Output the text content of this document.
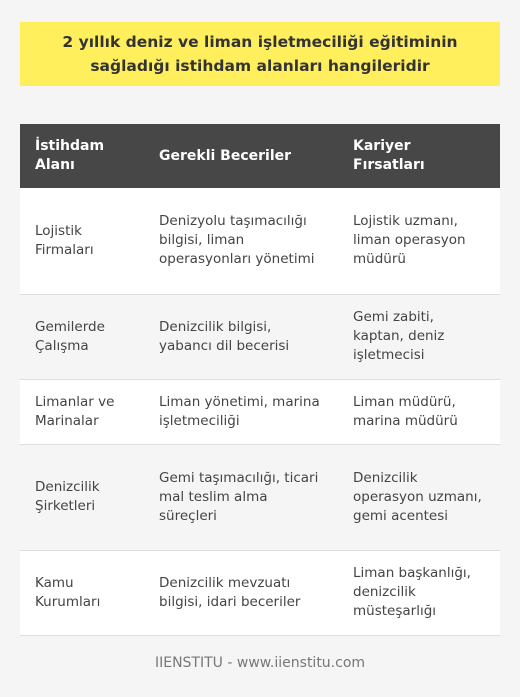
2 yıllık deniz ve liman işletmeciliği eğitiminin sağladığı istihdam alanları hangileridir
İstihdam Alanı	Gerekli Beceriler	Kariyer Fırsatları
Lojistik Firmaları	Denizyolu taşımacılığı bilgisi, liman operasyonları yönetimi	Lojistik uzmanı, liman operasyon müdürü
Gemilerde Çalışma	Denizcilik bilgisi, yabancı dil becerisi	Gemi zabiti, kaptan, deniz işletmecisi
Limanlar ve Marinalar	Liman yönetimi, marina işletmeciliği	Liman müdürü, marina müdürü
Denizcilik Şirketleri	Gemi taşımacılığı, ticari mal teslim alma süreçleri	Denizcilik operasyon uzmanı, gemi acentesi
Kamu Kurumları	Denizcilik mevzuatı bilgisi, idari beceriler	Liman başkanlığı, denizcilik müsteşarlığı
IIENSTITU - www.iienstitu.com
